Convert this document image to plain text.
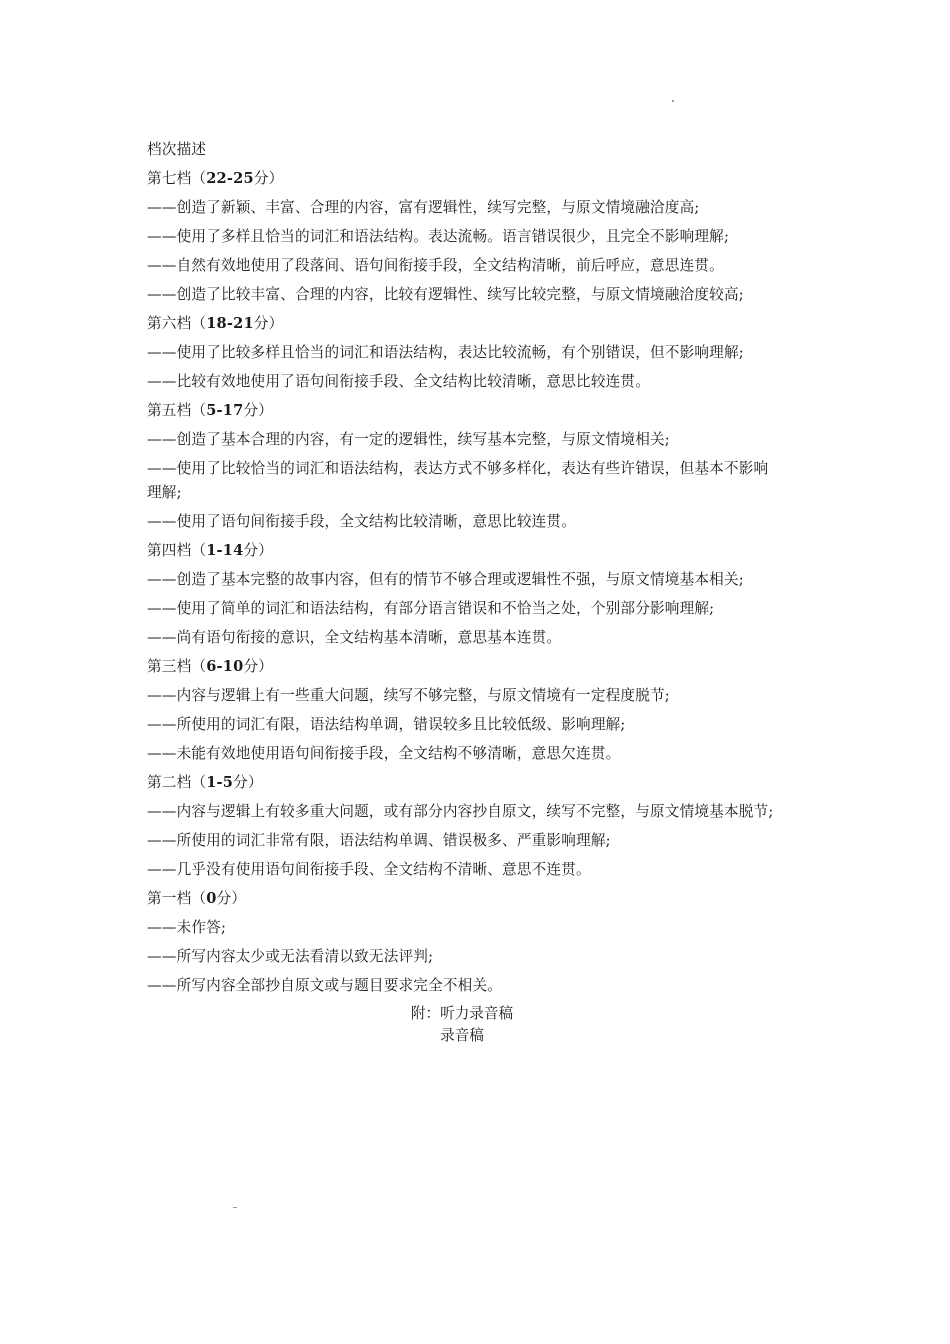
档次描述
第七档（22-25分）
——创造了新颖、丰富、合理的内容，富有逻辑性，续写完整，与原文情境融洽度高;
——使用了多样且恰当的词汇和语法结构。表达流畅。语言错误很少，且完全不影响理解;
——自然有效地使用了段落间、语句间衔接手段，全文结构清晰，前后呼应，意思连贯。
——创造了比较丰富、合理的内容，比较有逻辑性、续写比较完整，与原文情境融洽度较高;
第六档（18-21分）
——使用了比较多样且恰当的词汇和语法结构，表达比较流畅，有个别错误，但不影响理解;
——比较有效地使用了语句间衔接手段、全文结构比较清晰，意思比较连贯。
第五档（5-17分）
——创造了基本合理的内容，有一定的逻辑性，续写基本完整，与原文情境相关;
——使用了比较恰当的词汇和语法结构，表达方式不够多样化，表达有些许错误，但基本不影响理解;
——使用了语句间衔接手段，全文结构比较清晰，意思比较连贯。
第四档（1-14分）
——创造了基本完整的故事内容，但有的情节不够合理或逻辑性不强，与原文情境基本相关;
——使用了简单的词汇和语法结构，有部分语言错误和不恰当之处，个别部分影响理解;
——尚有语句衔接的意识，全文结构基本清晰，意思基本连贯。
第三档（6-10分）
——内容与逻辑上有一些重大问题，续写不够完整，与原文情境有一定程度脱节;
——所使用的词汇有限，语法结构单调，错误较多且比较低级、影响理解;
——未能有效地使用语句间衔接手段，全文结构不够清晰，意思欠连贯。
第二档（1-5分）
——内容与逻辑上有较多重大问题，或有部分内容抄自原文，续写不完整，与原文情境基本脱节;
——所使用的词汇非常有限，语法结构单调、错误极多、严重影响理解;
——几乎没有使用语句间衔接手段、全文结构不清晰、意思不连贯。
第一档（0分）
——未作答;
——所写内容太少或无法看清以致无法评判;
——所写内容全部抄自原文或与题目要求完全不相关。

附：听力录音稿

录音稿
